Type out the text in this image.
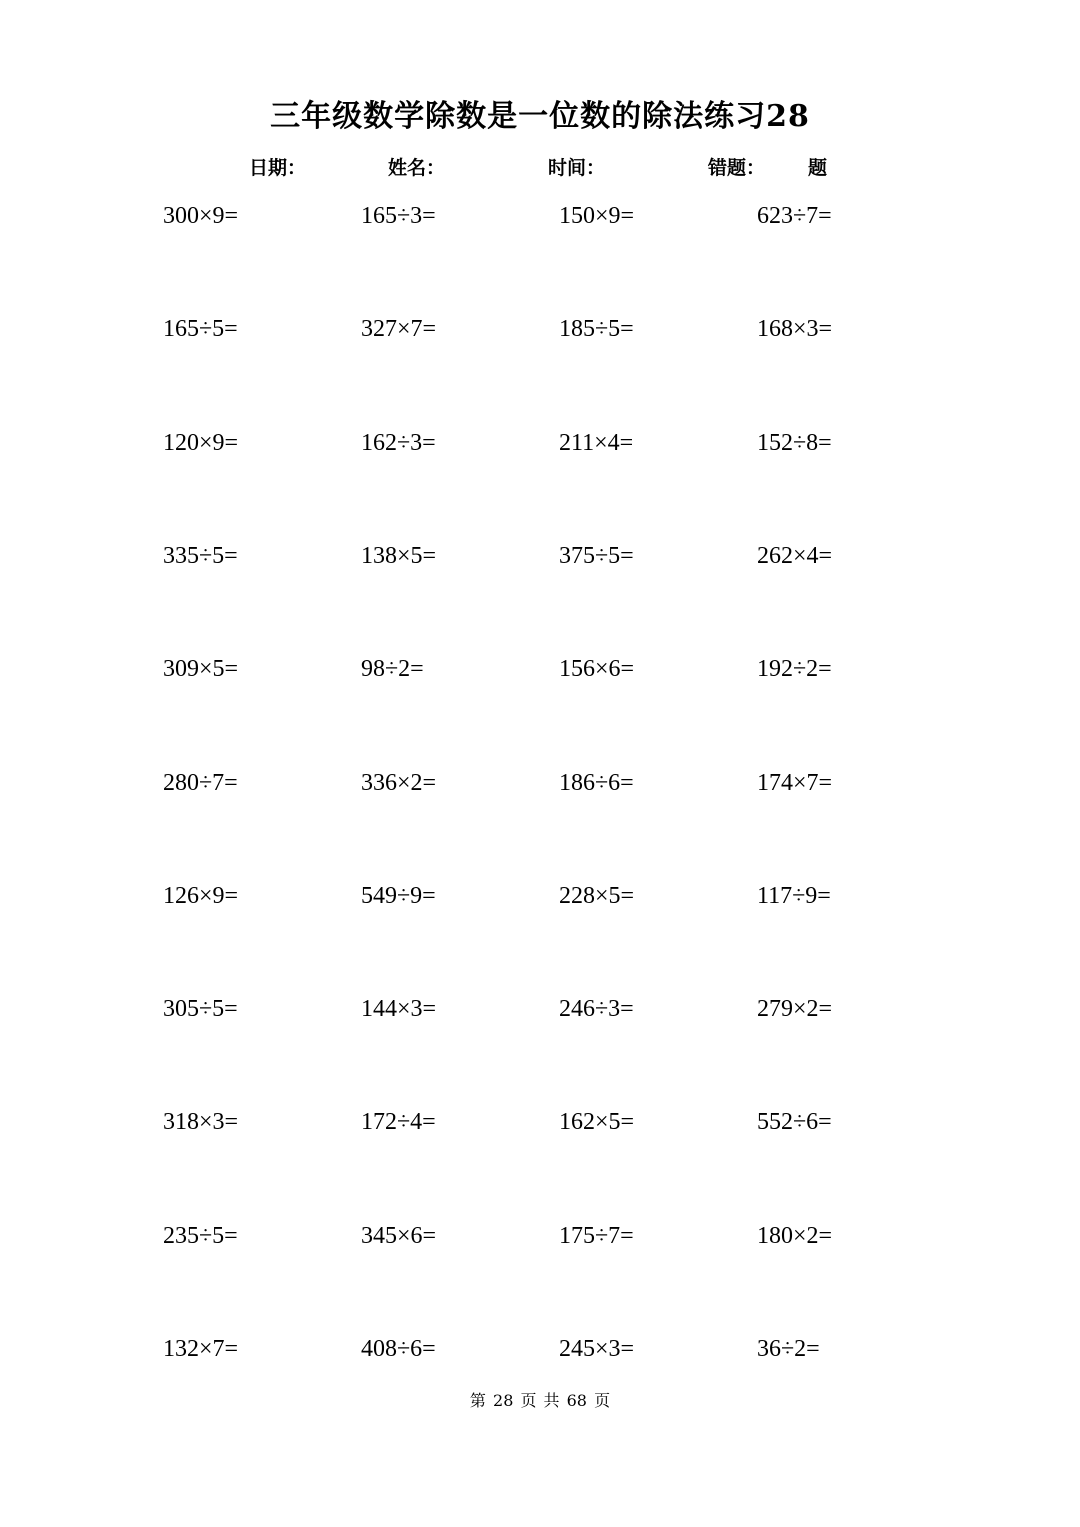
三年级数学除数是一位数的除法练习28
日期：	姓名：	时间：	错题： 题
300×9=	165÷3=	150×9=	623÷7=
165÷5=	327×7=	185÷5=	168×3=
120×9=	162÷3=	211×4=	152÷8=
335÷5=	138×5=	375÷5=	262×4=
309×5=	98÷2=	156×6=	192÷2=
280÷7=	336×2=	186÷6=	174×7=
126×9=	549÷9=	228×5=	117÷9=
305÷5=	144×3=	246÷3=	279×2=
318×3=	172÷4=	162×5=	552÷6=
235÷5=	345×6=	175÷7=	180×2=
132×7=	408÷6=	245×3=	36÷2=
第 28 页 共 68 页
